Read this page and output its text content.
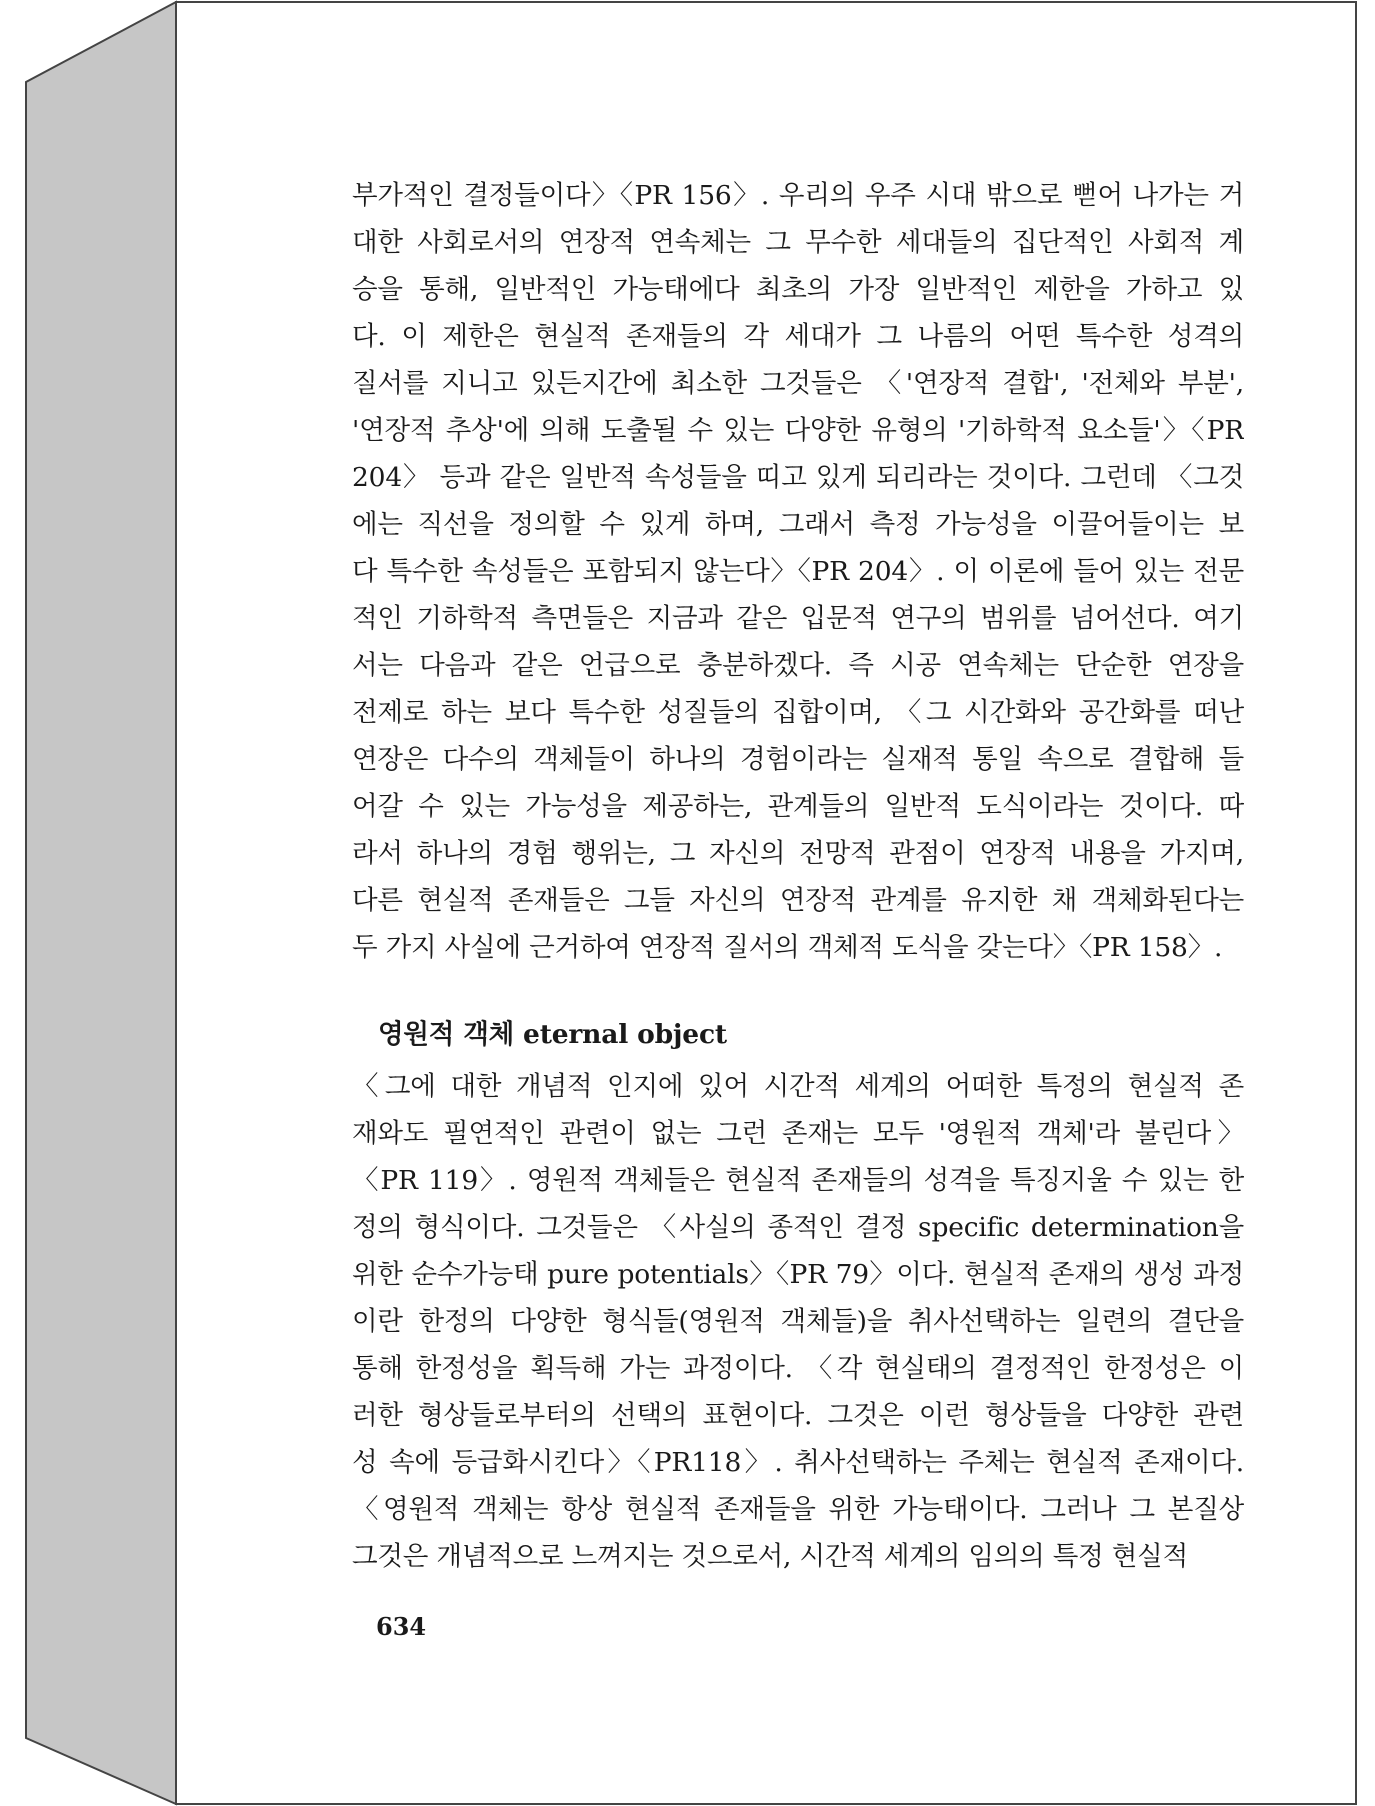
부가적인 결정들이다〉〈PR 156〉. 우리의 우주 시대 밖으로 뻗어 나가는 거

대한 사회로서의 연장적 연속체는 그 무수한 세대들의 집단적인 사회적 계

승을 통해, 일반적인 가능태에다 최초의 가장 일반적인 제한을 가하고 있

다. 이 제한은 현실적 존재들의 각 세대가 그 나름의 어떤 특수한 성격의

질서를 지니고 있든지간에 최소한 그것들은 〈'연장적 결합', '전체와 부분',

'연장적 추상'에 의해 도출될 수 있는 다양한 유형의 '기하학적 요소들'〉〈PR

204〉 등과 같은 일반적 속성들을 띠고 있게 되리라는 것이다. 그런데 〈그것

에는 직선을 정의할 수 있게 하며, 그래서 측정 가능성을 이끌어들이는 보

다 특수한 속성들은 포함되지 않는다〉〈PR 204〉. 이 이론에 들어 있는 전문

적인 기하학적 측면들은 지금과 같은 입문적 연구의 범위를 넘어선다. 여기

서는 다음과 같은 언급으로 충분하겠다. 즉 시공 연속체는 단순한 연장을

전제로 하는 보다 특수한 성질들의 집합이며, 〈그 시간화와 공간화를 떠난

연장은 다수의 객체들이 하나의 경험이라는 실재적 통일 속으로 결합해 들

어갈 수 있는 가능성을 제공하는, 관계들의 일반적 도식이라는 것이다. 따

라서 하나의 경험 행위는, 그 자신의 전망적 관점이 연장적 내용을 가지며,

다른 현실적 존재들은 그들 자신의 연장적 관계를 유지한 채 객체화된다는

두 가지 사실에 근거하여 연장적 질서의 객체적 도식을 갖는다〉〈PR 158〉.

영원적 객체 eternal object

〈그에 대한 개념적 인지에 있어 시간적 세계의 어떠한 특정의 현실적 존

재와도 필연적인 관련이 없는 그런 존재는 모두 '영원적 객체'라 불린다〉

〈PR 119〉. 영원적 객체들은 현실적 존재들의 성격을 특징지울 수 있는 한

정의 형식이다. 그것들은 〈사실의 종적인 결정 specific determination을

위한 순수가능태 pure potentials〉〈PR 79〉이다. 현실적 존재의 생성 과정

이란 한정의 다양한 형식들(영원적 객체들)을 취사선택하는 일련의 결단을

통해 한정성을 획득해 가는 과정이다. 〈각 현실태의 결정적인 한정성은 이

러한 형상들로부터의 선택의 표현이다. 그것은 이런 형상들을 다양한 관련

성 속에 등급화시킨다〉〈PR118〉. 취사선택하는 주체는 현실적 존재이다.

〈영원적 객체는 항상 현실적 존재들을 위한 가능태이다. 그러나 그 본질상

그것은 개념적으로 느껴지는 것으로서, 시간적 세계의 임의의 특정 현실적

634
